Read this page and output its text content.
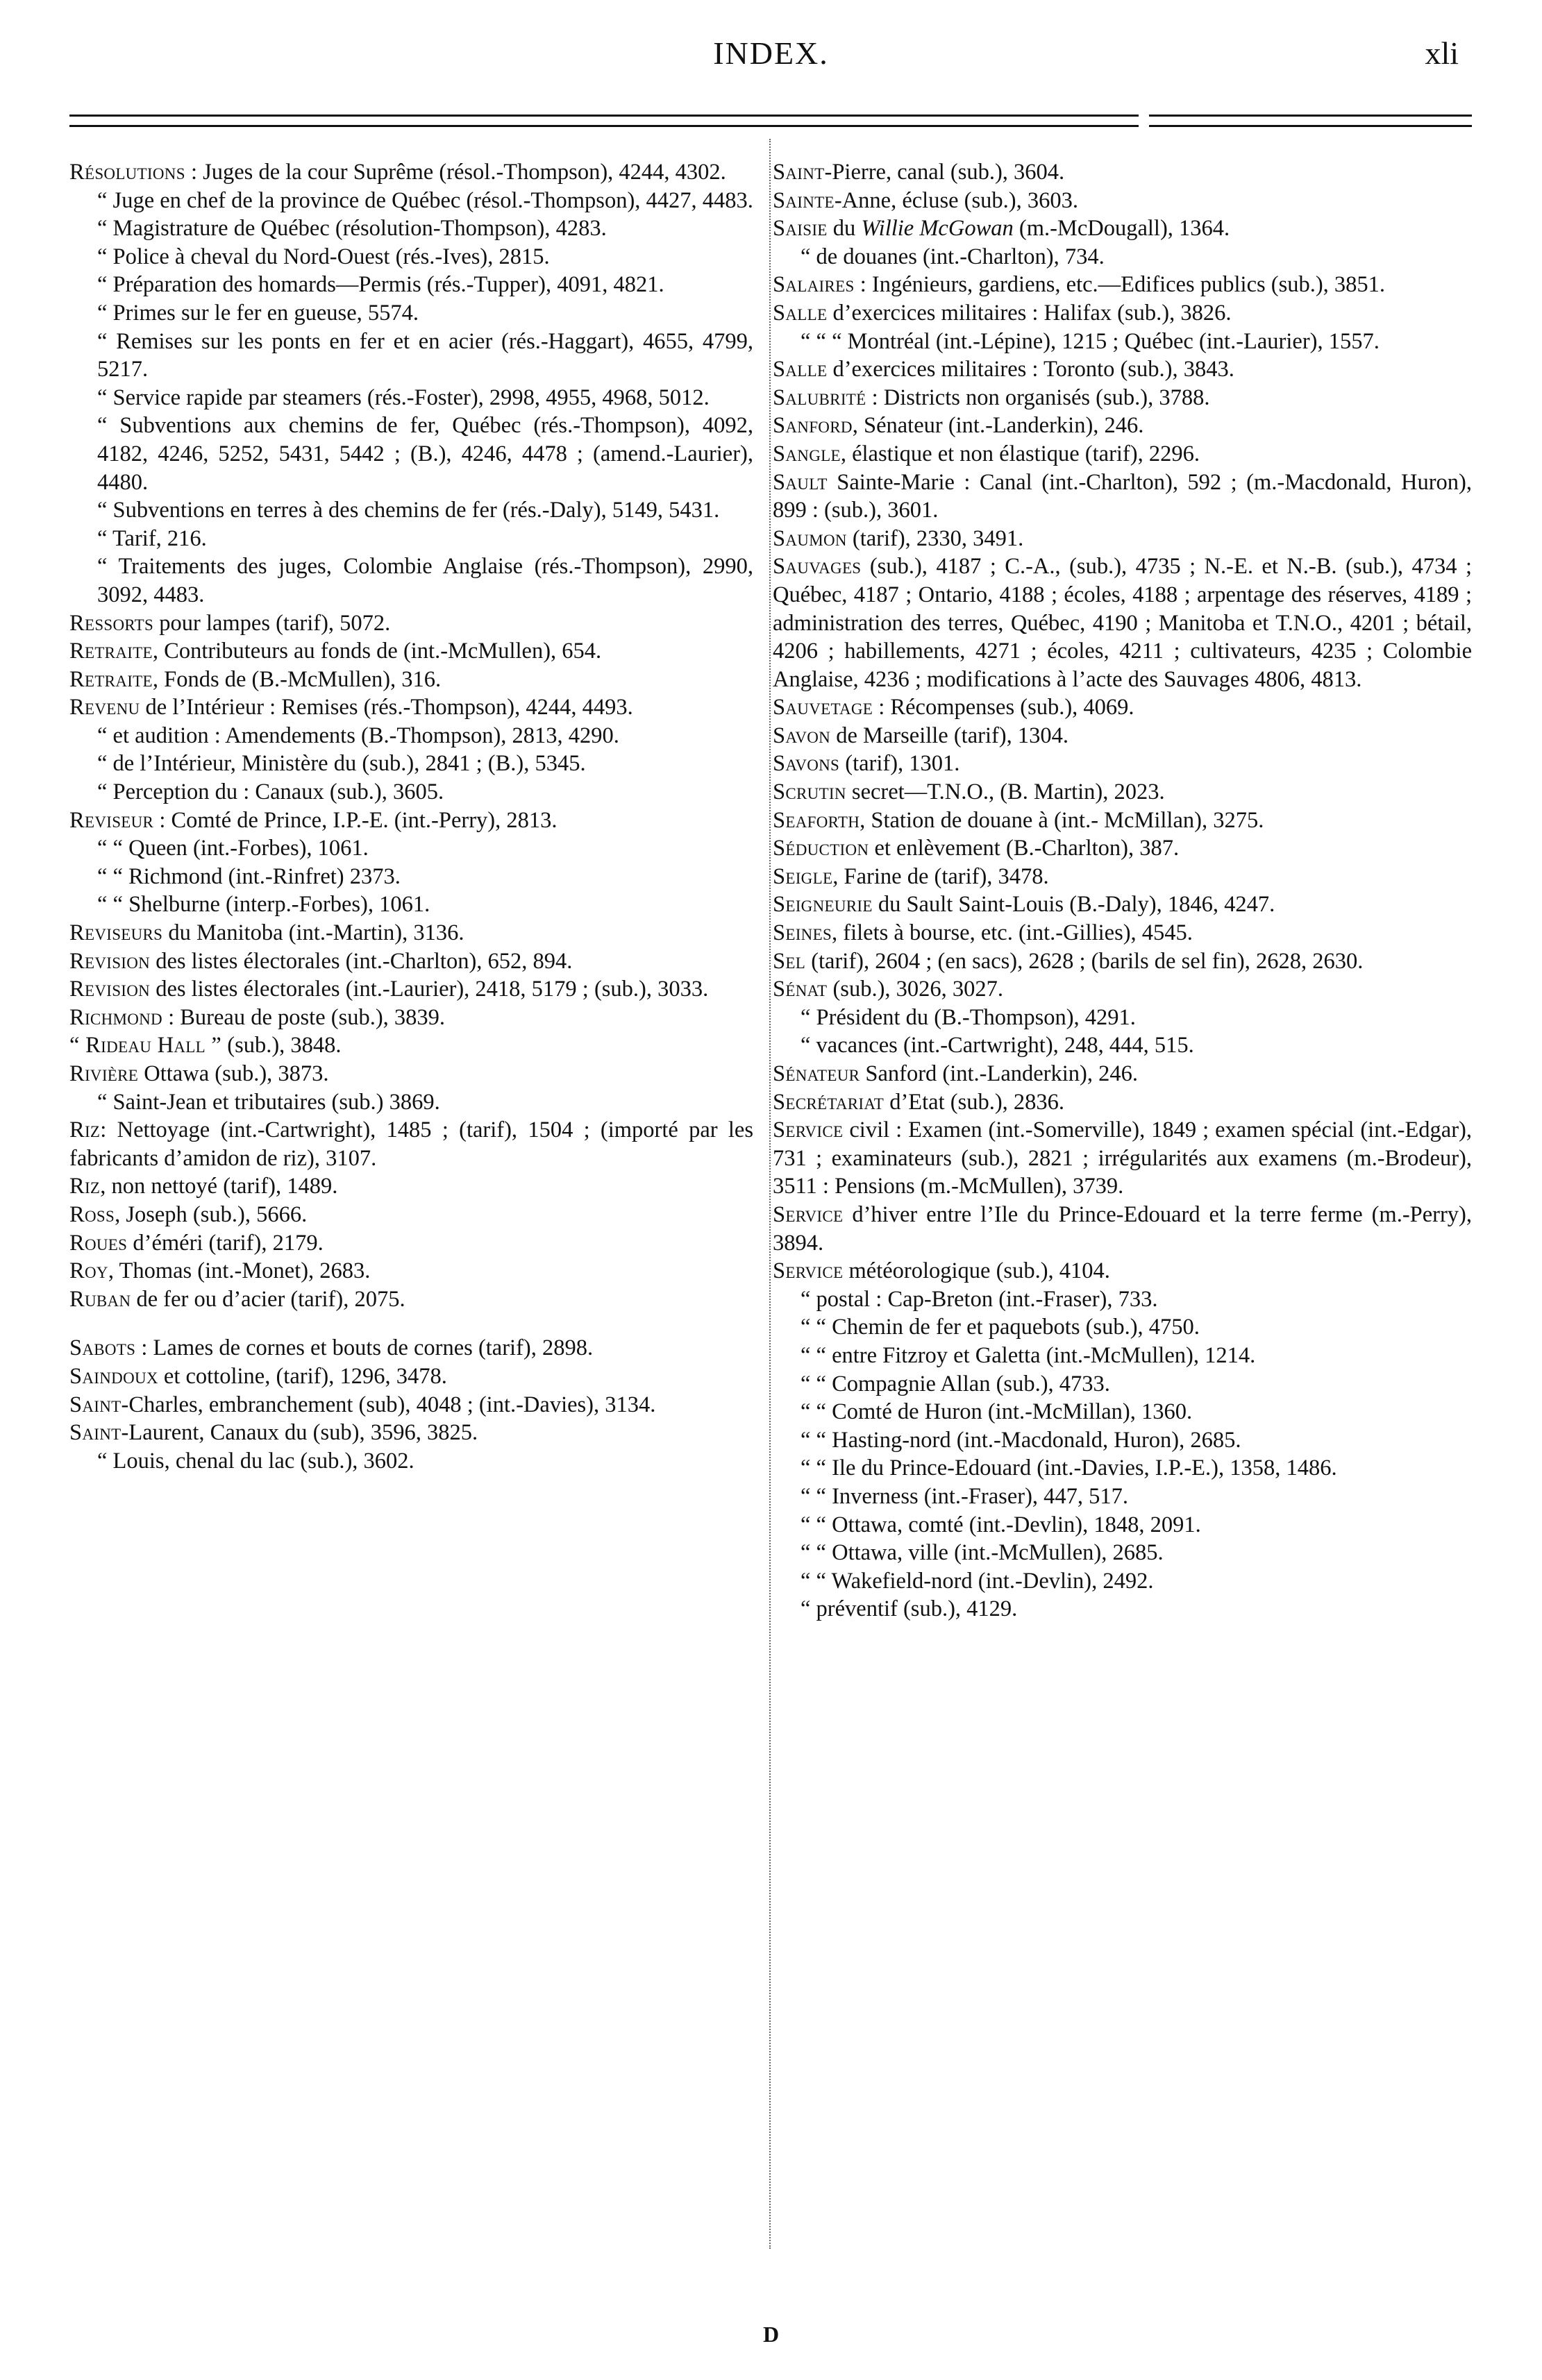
INDEX.	xli
Résolutions : Juges de la cour Suprême (résol.-Thompson), 4244, 4302.
“ Juge en chef de la province de Québec (résol.-Thompson), 4427, 4483.
“ Magistrature de Québec (résolution-Thompson), 4283.
“ Police à cheval du Nord-Ouest (rés.-Ives), 2815.
“ Préparation des homards—Permis (rés.-Tupper), 4091, 4821.
“ Primes sur le fer en gueuse, 5574.
“ Remises sur les ponts en fer et en acier (rés.-Haggart), 4655, 4799, 5217.
“ Service rapide par steamers (rés.-Foster), 2998, 4955, 4968, 5012.
“ Subventions aux chemins de fer, Québec (rés.-Thompson), 4092, 4182, 4246, 5252, 5431, 5442 ; (B.), 4246, 4478 ; (amend.-Laurier), 4480.
“ Subventions en terres à des chemins de fer (rés.-Daly), 5149, 5431.
“ Tarif, 216.
“ Traitements des juges, Colombie Anglaise (rés.-Thompson), 2990, 3092, 4483.
Ressorts pour lampes (tarif), 5072.
Retraite, Contributeurs au fonds de (int.-McMullen), 654.
Retraite, Fonds de (B.-McMullen), 316.
Revenu de l’Intérieur : Remises (rés.-Thompson), 4244, 4493.
“ et audition : Amendements (B.-Thompson), 2813, 4290.
“ de l’Intérieur, Ministère du (sub.), 2841 ; (B.), 5345.
“ Perception du : Canaux (sub.), 3605.
Reviseur : Comté de Prince, I.P.-E. (int.-Perry), 2813.
“ “ Queen (int.-Forbes), 1061.
“ “ Richmond (int.-Rinfret) 2373.
“ “ Shelburne (interp.-Forbes), 1061.
Reviseurs du Manitoba (int.-Martin), 3136.
Revision des listes électorales (int.-Charlton), 652, 894.
Revision des listes électorales (int.-Laurier), 2418, 5179 ; (sub.), 3033.
Richmond : Bureau de poste (sub.), 3839.
“ Rideau Hall ” (sub.), 3848.
Rivière Ottawa (sub.), 3873.
“ Saint-Jean et tributaires (sub.) 3869.
Riz: Nettoyage (int.-Cartwright), 1485 ; (tarif), 1504 ; (importé par les fabricants d’amidon de riz), 3107.
Riz, non nettoyé (tarif), 1489.
Ross, Joseph (sub.), 5666.
Roues d’éméri (tarif), 2179.
Roy, Thomas (int.-Monet), 2683.
Ruban de fer ou d’acier (tarif), 2075.
Sabots : Lames de cornes et bouts de cornes (tarif), 2898.
Saindoux et cottoline, (tarif), 1296, 3478.
Saint-Charles, embranchement (sub), 4048 ; (int.-Davies), 3134.
Saint-Laurent, Canaux du (sub), 3596, 3825.
“ Louis, chenal du lac (sub.), 3602.
Saint-Pierre, canal (sub.), 3604.
Sainte-Anne, écluse (sub.), 3603.
Saisie du Willie McGowan (m.-McDougall), 1364.
“ de douanes (int.-Charlton), 734.
Salaires : Ingénieurs, gardiens, etc.—Edifices publics (sub.), 3851.
Salle d’exercices militaires : Halifax (sub.), 3826.
“ “ “ Montréal (int.-Lépine), 1215 ; Québec (int.-Laurier), 1557.
Salle d’exercices militaires : Toronto (sub.), 3843.
Salubrité : Districts non organisés (sub.), 3788.
Sanford, Sénateur (int.-Landerkin), 246.
Sangle, élastique et non élastique (tarif), 2296.
Sault Sainte-Marie : Canal (int.-Charlton), 592 ; (m.-Macdonald, Huron), 899 : (sub.), 3601.
Saumon (tarif), 2330, 3491.
Sauvages (sub.), 4187 ; C.-A., (sub.), 4735 ; N.-E. et N.-B. (sub.), 4734 ; Québec, 4187 ; Ontario, 4188 ; écoles, 4188 ; arpentage des réserves, 4189 ; administration des terres, Québec, 4190 ; Manitoba et T.N.O., 4201 ; bétail, 4206 ; habillements, 4271 ; écoles, 4211 ; cultivateurs, 4235 ; Colombie Anglaise, 4236 ; modifications à l’acte des Sauvages 4806, 4813.
Sauvetage : Récompenses (sub.), 4069.
Savon de Marseille (tarif), 1304.
Savons (tarif), 1301.
Scrutin secret—T.N.O., (B. Martin), 2023.
Seaforth, Station de douane à (int.- McMillan), 3275.
Séduction et enlèvement (B.-Charlton), 387.
Seigle, Farine de (tarif), 3478.
Seigneurie du Sault Saint-Louis (B.-Daly), 1846, 4247.
Seines, filets à bourse, etc. (int.-Gillies), 4545.
Sel (tarif), 2604 ; (en sacs), 2628 ; (barils de sel fin), 2628, 2630.
Sénat (sub.), 3026, 3027.
“ Président du (B.-Thompson), 4291.
“ vacances (int.-Cartwright), 248, 444, 515.
Sénateur Sanford (int.-Landerkin), 246.
Secrétariat d’Etat (sub.), 2836.
Service civil : Examen (int.-Somerville), 1849 ; examen spécial (int.-Edgar), 731 ; examinateurs (sub.), 2821 ; irrégularités aux examens (m.-Brodeur), 3511 : Pensions (m.-McMullen), 3739.
Service d’hiver entre l’Ile du Prince-Edouard et la terre ferme (m.-Perry), 3894.
Service météorologique (sub.), 4104.
“ postal : Cap-Breton (int.-Fraser), 733.
“ “ Chemin de fer et paquebots (sub.), 4750.
“ “ entre Fitzroy et Galetta (int.-McMullen), 1214.
“ “ Compagnie Allan (sub.), 4733.
“ “ Comté de Huron (int.-McMillan), 1360.
“ “ Hasting-nord (int.-Macdonald, Huron), 2685.
“ “ Ile du Prince-Edouard (int.-Davies, I.P.-E.), 1358, 1486.
“ “ Inverness (int.-Fraser), 447, 517.
“ “ Ottawa, comté (int.-Devlin), 1848, 2091.
“ “ Ottawa, ville (int.-McMullen), 2685.
“ “ Wakefield-nord (int.-Devlin), 2492.
“ préventif (sub.), 4129.
D
